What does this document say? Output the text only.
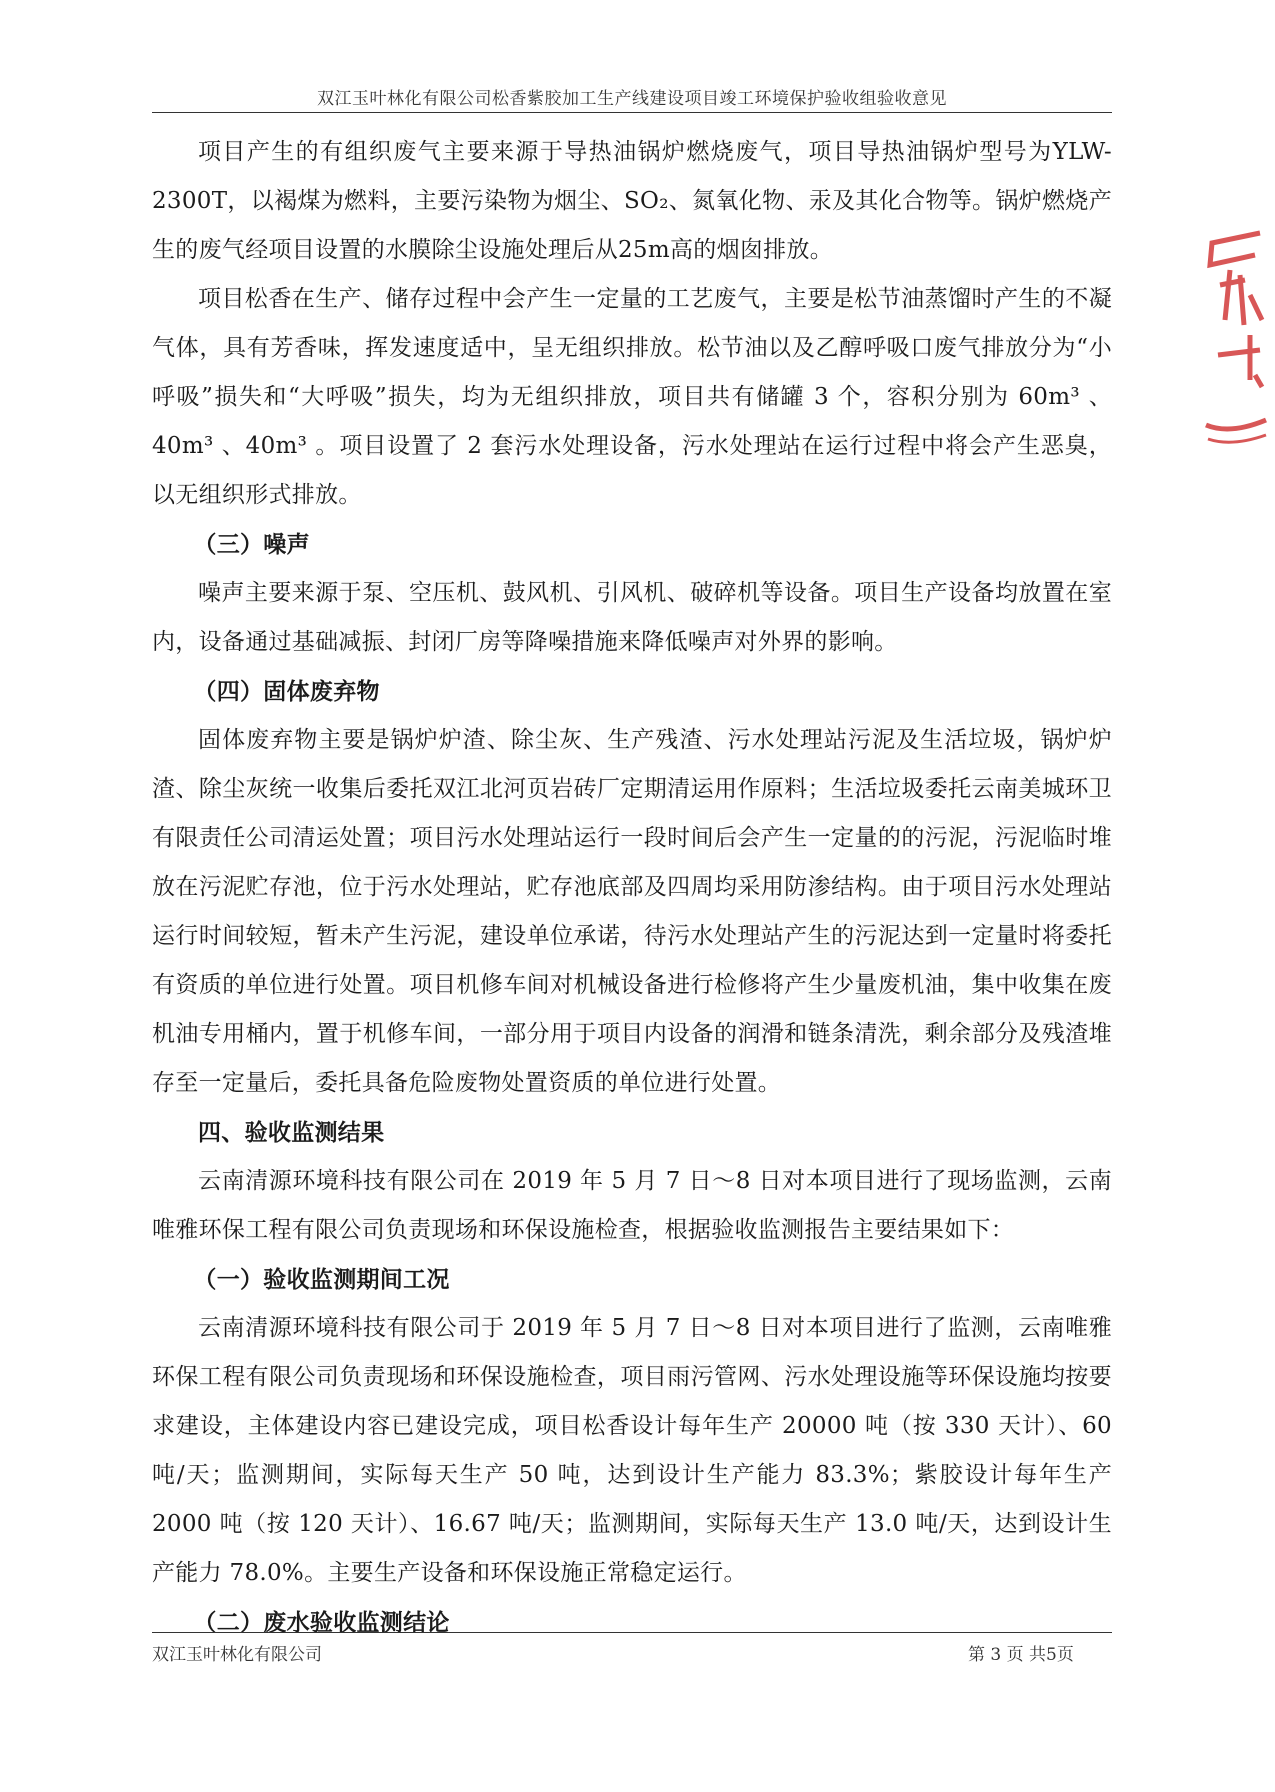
双江玉叶林化有限公司松香紫胶加工生产线建设项目竣工环境保护验收组验收意见

项目产生的有组织废气主要来源于导热油锅炉燃烧废气，项目导热油锅炉型号为YLW-2300T，以褐煤为燃料，主要污染物为烟尘、SO₂、氮氧化物、汞及其化合物等。锅炉燃烧产生的废气经项目设置的水膜除尘设施处理后从25m高的烟囱排放。

项目松香在生产、储存过程中会产生一定量的工艺废气，主要是松节油蒸馏时产生的不凝气体，具有芳香味，挥发速度适中，呈无组织排放。松节油以及乙醇呼吸口废气排放分为“小呼吸”损失和“大呼吸”损失，均为无组织排放，项目共有储罐 3 个，容积分别为 60m³ 、40m³ 、40m³ 。项目设置了 2 套污水处理设备，污水处理站在运行过程中将会产生恶臭，以无组织形式排放。

（三）噪声

噪声主要来源于泵、空压机、鼓风机、引风机、破碎机等设备。项目生产设备均放置在室内，设备通过基础减振、封闭厂房等降噪措施来降低噪声对外界的影响。

（四）固体废弃物

固体废弃物主要是锅炉炉渣、除尘灰、生产残渣、污水处理站污泥及生活垃圾，锅炉炉渣、除尘灰统一收集后委托双江北河页岩砖厂定期清运用作原料；生活垃圾委托云南美城环卫有限责任公司清运处置；项目污水处理站运行一段时间后会产生一定量的的污泥，污泥临时堆放在污泥贮存池，位于污水处理站，贮存池底部及四周均采用防渗结构。由于项目污水处理站运行时间较短，暂未产生污泥，建设单位承诺，待污水处理站产生的污泥达到一定量时将委托有资质的单位进行处置。项目机修车间对机械设备进行检修将产生少量废机油，集中收集在废机油专用桶内，置于机修车间，一部分用于项目内设备的润滑和链条清洗，剩余部分及残渣堆存至一定量后，委托具备危险废物处置资质的单位进行处置。

四、验收监测结果

云南清源环境科技有限公司在 2019 年 5 月 7 日～8 日对本项目进行了现场监测，云南唯雅环保工程有限公司负责现场和环保设施检查，根据验收监测报告主要结果如下：

（一）验收监测期间工况

云南清源环境科技有限公司于 2019 年 5 月 7 日～8 日对本项目进行了监测，云南唯雅环保工程有限公司负责现场和环保设施检查，项目雨污管网、污水处理设施等环保设施均按要求建设，主体建设内容已建设完成，项目松香设计每年生产 20000 吨（按 330 天计）、60 吨/天；监测期间，实际每天生产 50 吨，达到设计生产能力 83.3%；紫胶设计每年生产 2000 吨（按 120 天计）、16.67 吨/天；监测期间，实际每天生产 13.0 吨/天，达到设计生产能力 78.0%。主要生产设备和环保设施正常稳定运行。

（二）废水验收监测结论

双江玉叶林化有限公司	第 3 页 共5页
